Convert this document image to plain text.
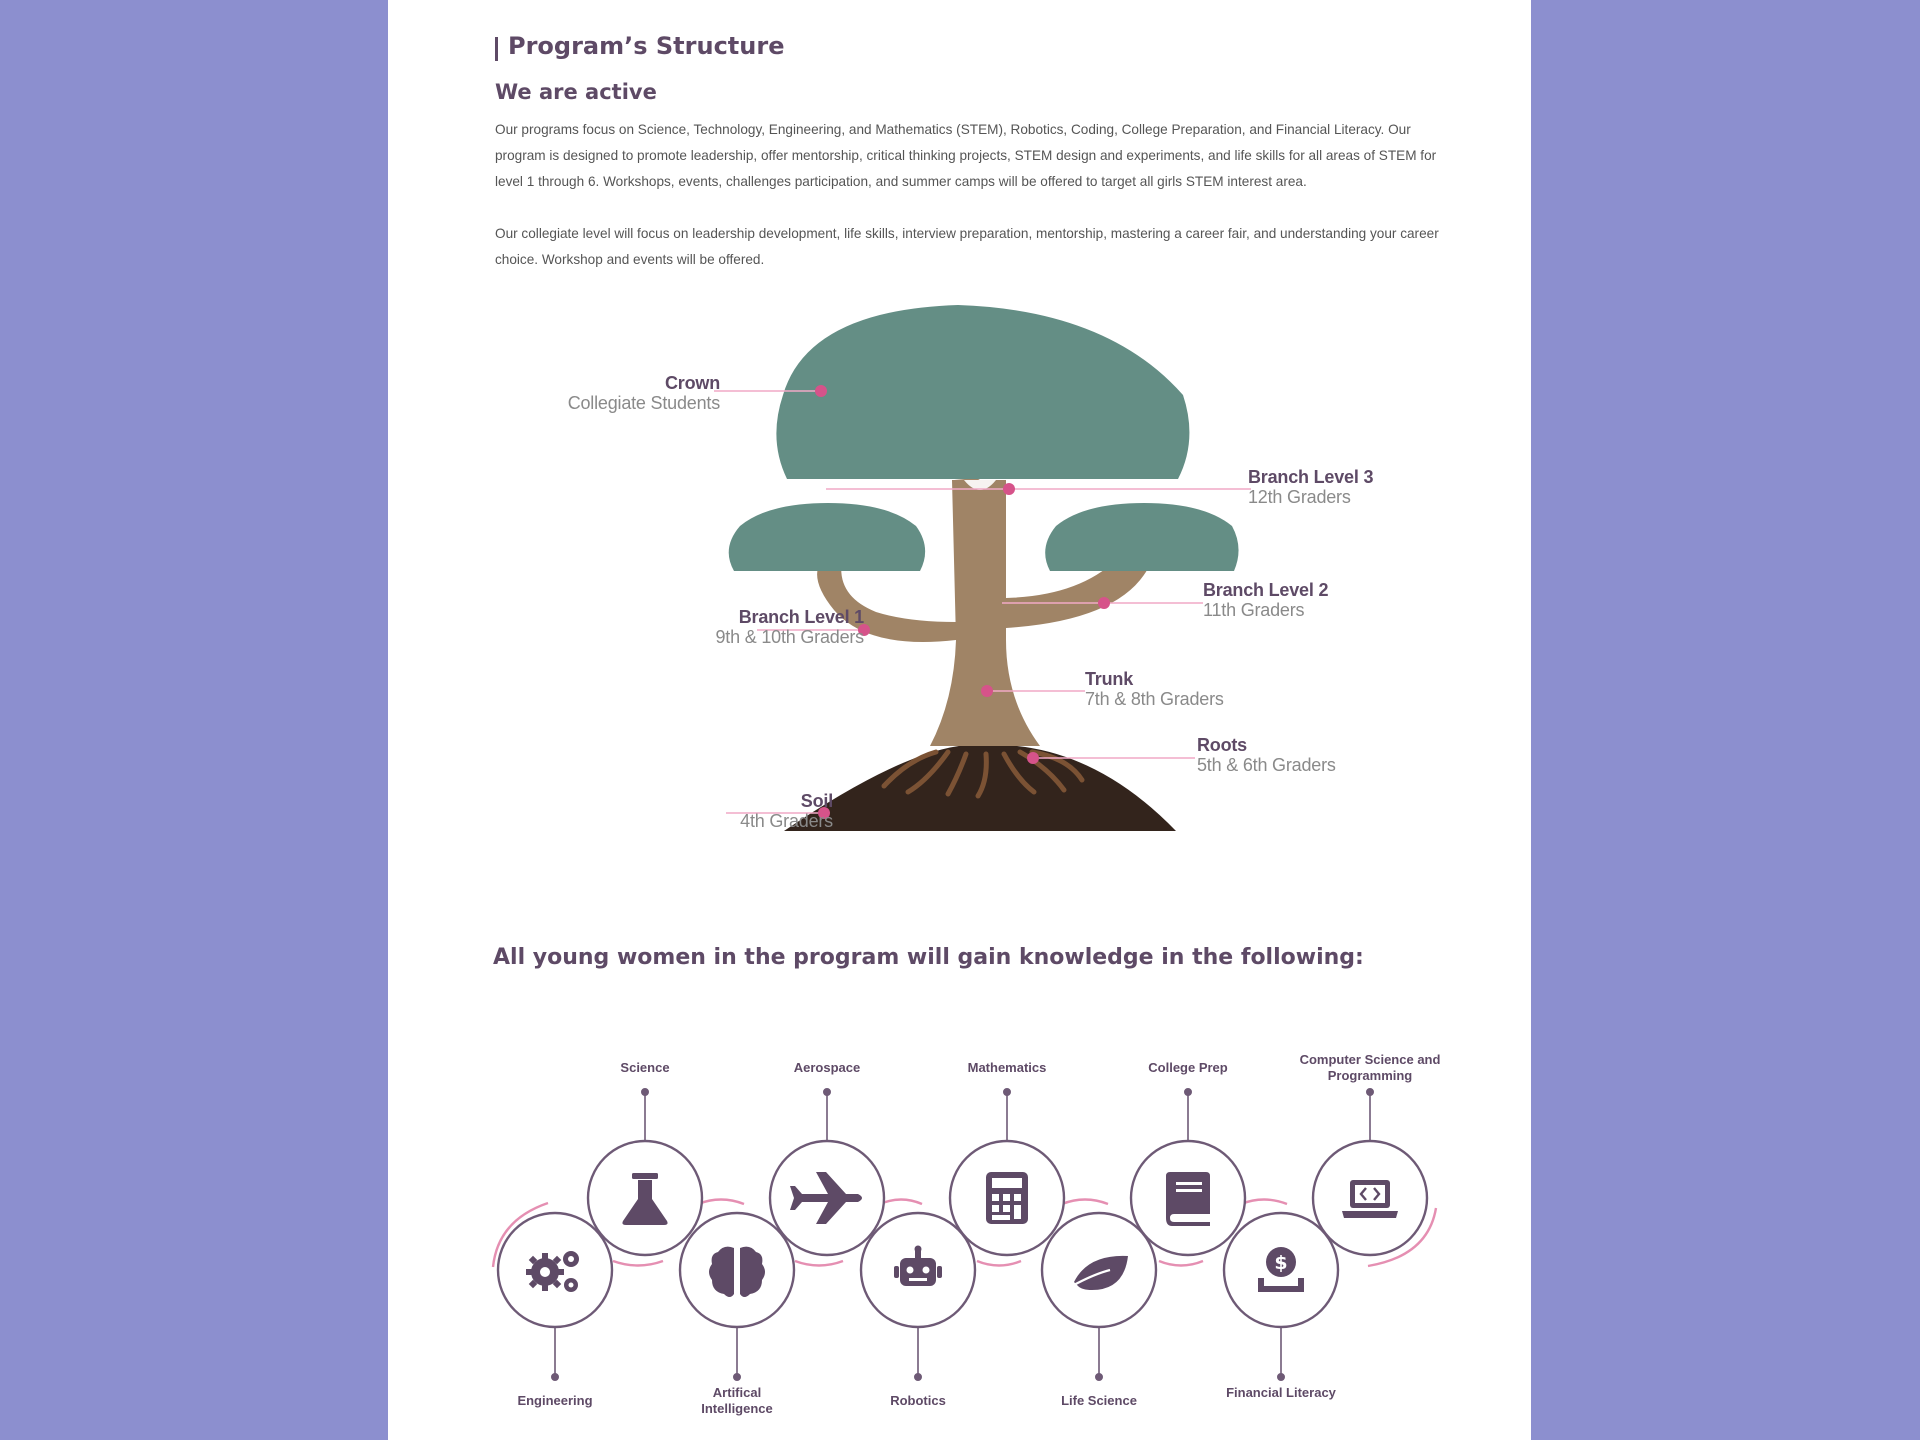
Program’s Structure
We are active

Our programs focus on Science, Technology, Engineering, and Mathematics (STEM), Robotics, Coding, College Preparation, and Financial Literacy. Our program is designed to promote leadership, offer mentorship, critical thinking projects, STEM design and experiments, and life skills for all areas of STEM for level 1 through 6. Workshops, events, challenges participation, and summer camps will be offered to target all girls STEM interest area.

Our collegiate level will focus on leadership development, life skills, interview preparation, mentorship, mastering a career fair, and understanding your career choice. Workshop and events will be offered.

$
Crown
Collegiate Students
Branch Level 3
12th Graders
Branch Level 2
11th Graders
Branch Level 1
9th & 10th Graders
Trunk
7th & 8th Graders
Roots
5th & 6th Graders
Soil
4th Graders
All young women in the program will gain knowledge in the following:
Science	Aerospace	Mathematics	College Prep
Computer Science and Programming
Engineering
Artifical Intelligence
Robotics	Life Science
Financial Literacy
